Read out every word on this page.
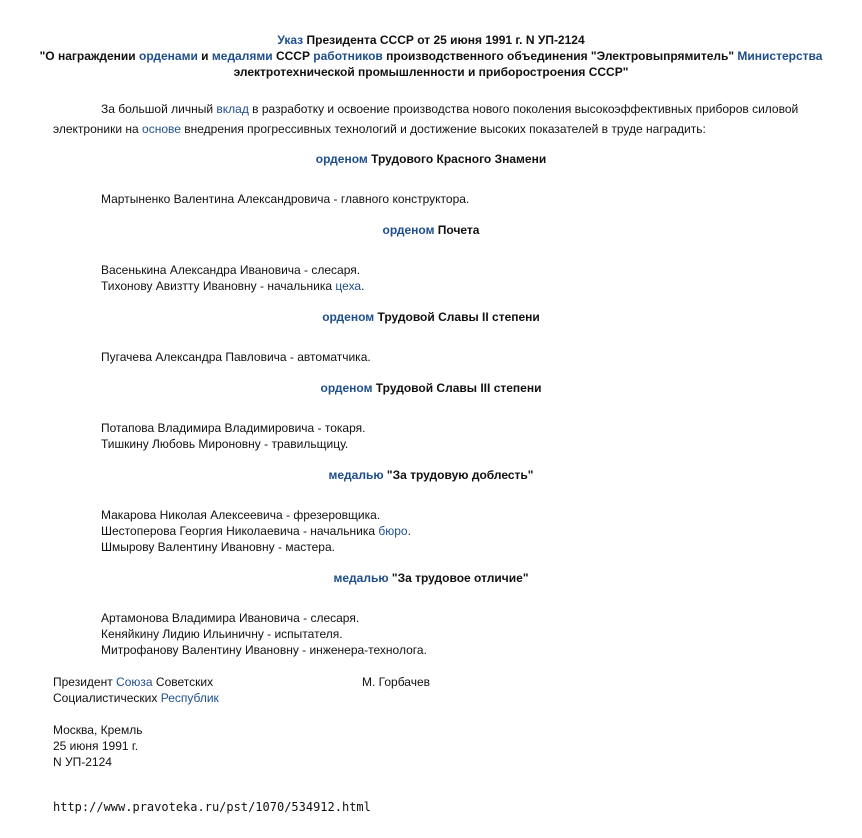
Указ Президента СССР от 25 июня 1991 г. N УП-2124
"О награждении орденами и медалями СССР работников производственного объединения "Электровыпрямитель" Министерства
электротехнической промышленности и приборостроения СССР"
За большой личный вклад в разработку и освоение производства нового поколения высокоэффективных приборов силовой
электроники на основе внедрения прогрессивных технологий и достижение высоких показателей в труде наградить:
орденом Трудового Красного Знамени
Мартыненко Валентина Александровича - главного конструктора.
орденом Почета
Васенькина Александра Ивановича - слесаря.
Тихонову Авизтту Ивановну - начальника цеха.
орденом Трудовой Славы II степени
Пугачева Александра Павловича - автоматчика.
орденом Трудовой Славы III степени
Потапова Владимира Владимировича - токаря.
Тишкину Любовь Мироновну - травильщицу.
медалью "За трудовую доблесть"
Макарова Николая Алексеевича - фрезеровщика.
Шестоперова Георгия Николаевича - начальника бюро.
Шмырову Валентину Ивановну - мастера.
медалью "За трудовое отличие"
Артамонова Владимира Ивановича - слесаря.
Кеняйкину Лидию Ильиничну - испытателя.
Митрофанову Валентину Ивановну - инженера-технолога.
Президент Союза Советских
Социалистических Республик
М. Горбачев
Москва, Кремль
25 июня 1991 г.
N УП-2124
http://www.pravoteka.ru/pst/1070/534912.html
